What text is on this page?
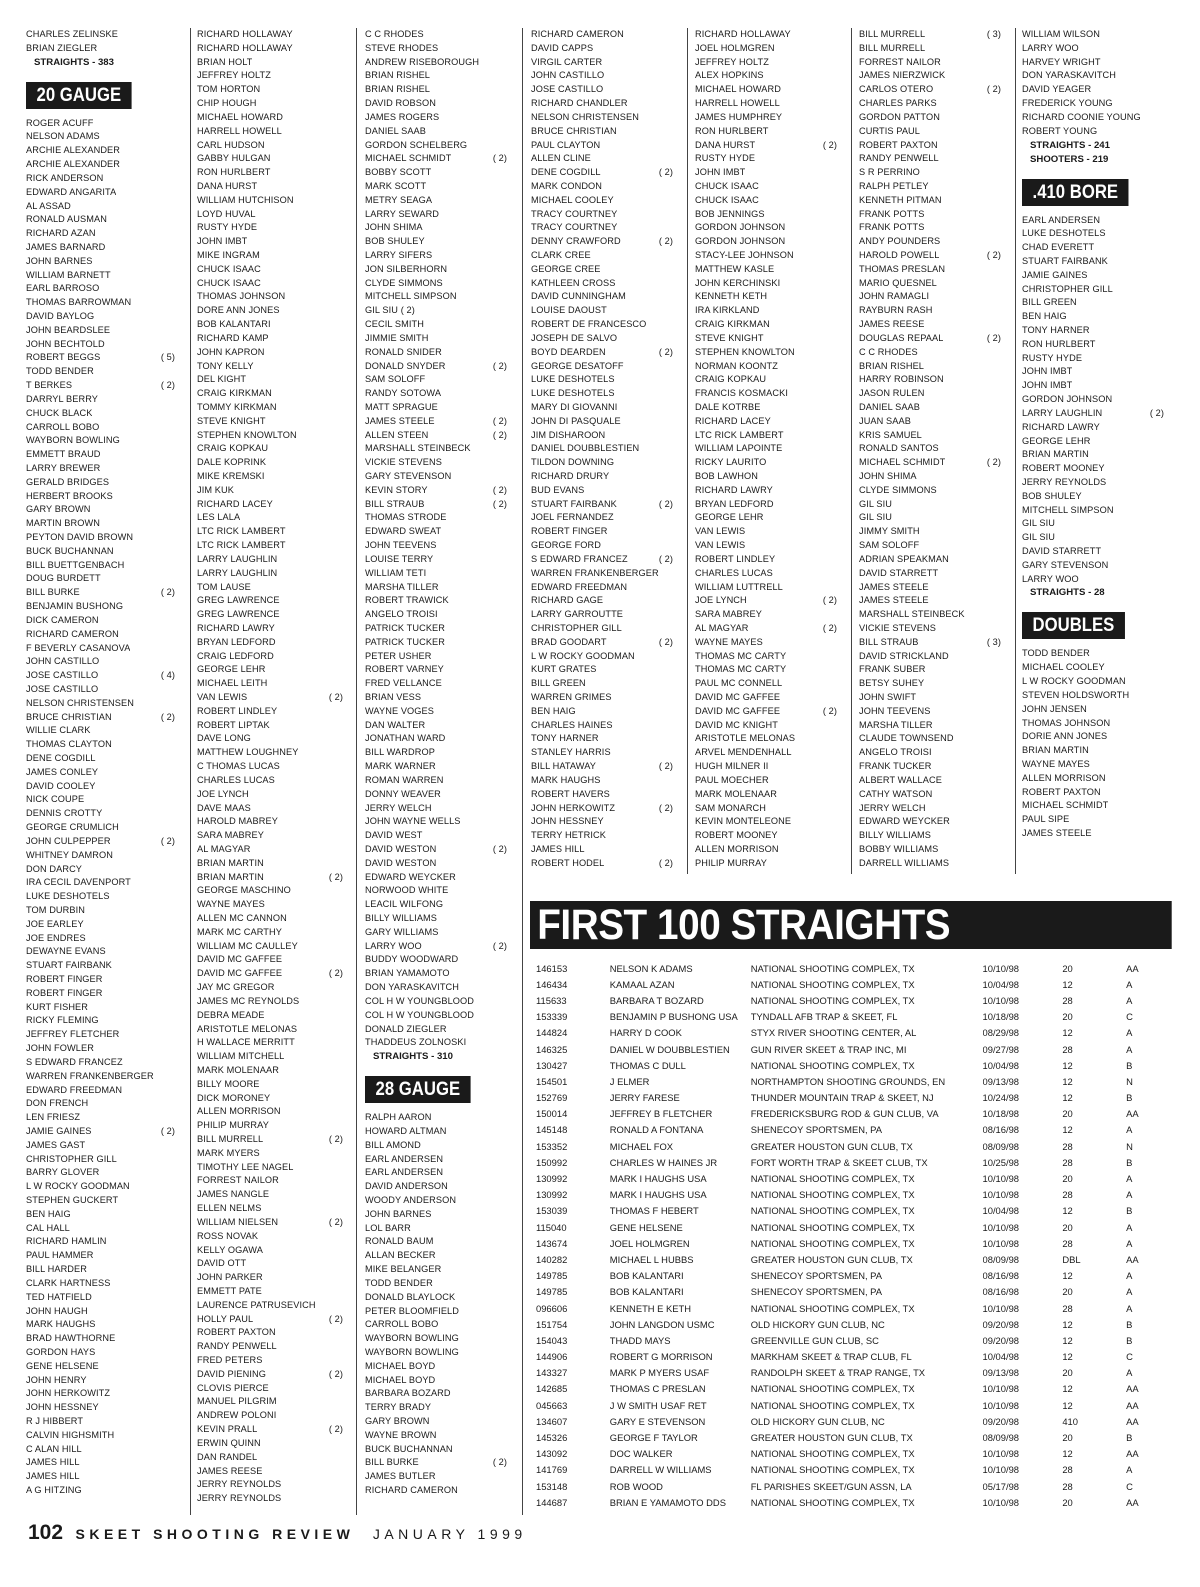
CHARLES ZELINSKE
BRIAN ZIEGLER
STRAIGHTS - 383
20 GAUGE
ROGER ACUFF
NELSON ADAMS
ARCHIE ALEXANDER
ARCHIE ALEXANDER
RICK ANDERSON
EDWARD ANGARITA
AL ASSAD
RONALD AUSMAN
RICHARD AZAN
JAMES BARNARD
JOHN BARNES
WILLIAM BARNETT
EARL BARROSO
THOMAS BARROWMAN
DAVID BAYLOG
JOHN BEARDSLEE
JOHN BECHTOLD
ROBERT BEGGS	( 5)
TODD BENDER
T BERKES	( 2)
DARRYL BERRY
CHUCK BLACK
CARROLL BOBO
WAYBORN BOWLING
EMMETT BRAUD
LARRY BREWER
GERALD BRIDGES
HERBERT BROOKS
GARY BROWN
MARTIN BROWN
PEYTON DAVID BROWN
BUCK BUCHANNAN
BILL BUETTGENBACH
DOUG BURDETT
BILL BURKE	( 2)
BENJAMIN BUSHONG
DICK CAMERON
RICHARD CAMERON
F BEVERLY CASANOVA
JOHN CASTILLO
JOSE CASTILLO	( 4)
JOSE CASTILLO
NELSON CHRISTENSEN
BRUCE CHRISTIAN	( 2)
WILLIE CLARK
THOMAS CLAYTON
DENE COGDILL
JAMES CONLEY
DAVID COOLEY
NICK COUPE
DENNIS CROTTY
GEORGE CRUMLICH
JOHN CULPEPPER	( 2)
WHITNEY DAMRON
DON DARCY
IRA CECIL DAVENPORT
LUKE DESHOTELS
TOM DURBIN
JOE EARLEY
JOE ENDRES
DEWAYNE EVANS
STUART FAIRBANK
ROBERT FINGER
ROBERT FINGER
KURT FISHER
RICKY FLEMING
JEFFREY FLETCHER
JOHN FOWLER
S EDWARD FRANCEZ
WARREN FRANKENBERGER
EDWARD FREEDMAN
DON FRENCH
LEN FRIESZ
JAMIE GAINES	( 2)
JAMES GAST
CHRISTOPHER GILL
BARRY GLOVER
L W ROCKY GOODMAN
STEPHEN GUCKERT
BEN HAIG
CAL HALL
RICHARD HAMLIN
PAUL HAMMER
BILL HARDER
CLARK HARTNESS
TED HATFIELD
JOHN HAUGH
MARK HAUGHS
BRAD HAWTHORNE
GORDON HAYS
GENE HELSENE
JOHN HENRY
JOHN HERKOWITZ
JOHN HESSNEY
R J HIBBERT
CALVIN HIGHSMITH
C ALAN HILL
JAMES HILL
JAMES HILL
A G HITZING
RICHARD HOLLAWAY
RICHARD HOLLAWAY
BRIAN HOLT
JEFFREY HOLTZ
TOM HORTON
CHIP HOUGH
MICHAEL HOWARD
HARRELL HOWELL
CARL HUDSON
GABBY HULGAN
RON HURLBERT
DANA HURST
WILLIAM HUTCHISON
LOYD HUVAL
RUSTY HYDE
JOHN IMBT
MIKE INGRAM
CHUCK ISAAC
CHUCK ISAAC
THOMAS JOHNSON
DORE ANN JONES
BOB KALANTARI
RICHARD KAMP
JOHN KAPRON
TONY KELLY
DEL KIGHT
CRAIG KIRKMAN
TOMMY KIRKMAN
STEVE KNIGHT
STEPHEN KNOWLTON
CRAIG KOPKAU
DALE KOPRINK
MIKE KREMSKI
JIM KUK
RICHARD LACEY
LES LALA
LTC RICK LAMBERT
LTC RICK LAMBERT
LARRY LAUGHLIN
LARRY LAUGHLIN
TOM LAUSE
GREG LAWRENCE
GREG LAWRENCE
RICHARD LAWRY
BRYAN LEDFORD
CRAIG LEDFORD
GEORGE LEHR
MICHAEL LEITH
VAN LEWIS	( 2)
ROBERT LINDLEY
ROBERT LIPTAK
DAVE LONG
MATTHEW LOUGHNEY
C THOMAS LUCAS
CHARLES LUCAS
JOE LYNCH
DAVE MAAS
HAROLD MABREY
SARA MABREY
AL MAGYAR
BRIAN MARTIN
BRIAN MARTIN	( 2)
GEORGE MASCHINO
WAYNE MAYES
ALLEN MC CANNON
MARK MC CARTHY
WILLIAM MC CAULLEY
DAVID MC GAFFEE
DAVID MC GAFFEE	( 2)
JAY MC GREGOR
JAMES MC REYNOLDS
DEBRA MEADE
ARISTOTLE MELONAS
H WALLACE MERRITT
WILLIAM MITCHELL
MARK MOLENAAR
BILLY MOORE
DICK MORONEY
ALLEN MORRISON
PHILIP MURRAY
BILL MURRELL	( 2)
MARK MYERS
TIMOTHY LEE NAGEL
FORREST NAILOR
JAMES NANGLE
ELLEN NELMS
WILLIAM NIELSEN	( 2)
ROSS NOVAK
KELLY OGAWA
DAVID OTT
JOHN PARKER
EMMETT PATE
LAURENCE PATRUSEVICH
HOLLY PAUL	( 2)
ROBERT PAXTON
RANDY PENWELL
FRED PETERS
DAVID PIENING	( 2)
CLOVIS PIERCE
MANUEL PILGRIM
ANDREW POLONI
KEVIN PRALL	( 2)
ERWIN QUINN
DAN RANDEL
JAMES REESE
JERRY REYNOLDS
JERRY REYNOLDS
C C RHODES
STEVE RHODES
ANDREW RISEBOROUGH
BRIAN RISHEL
BRIAN RISHEL
DAVID ROBSON
JAMES ROGERS
DANIEL SAAB
GORDON SCHELBERG
MICHAEL SCHMIDT	( 2)
BOBBY SCOTT
MARK SCOTT
METRY SEAGA
LARRY SEWARD
JOHN SHIMA
BOB SHULEY
LARRY SIFERS
JON SILBERHORN
CLYDE SIMMONS
MITCHELL SIMPSON
GIL SIU ( 2)
CECIL SMITH
JIMMIE SMITH
RONALD SNIDER
DONALD SNYDER	( 2)
SAM SOLOFF
RANDY SOTOWA
MATT SPRAGUE
JAMES STEELE	( 2)
ALLEN STEEN	( 2)
MARSHALL STEINBECK
VICKIE STEVENS
GARY STEVENSON
KEVIN STORY	( 2)
BILL STRAUB	( 2)
THOMAS STRODE
EDWARD SWEAT
JOHN TEEVENS
LOUISE TERRY
WILLIAM TETI
MARSHA TILLER
ROBERT TRAWICK
ANGELO TROISI
PATRICK TUCKER
PATRICK TUCKER
PETER USHER
ROBERT VARNEY
FRED VELLANCE
BRIAN VESS
WAYNE VOGES
DAN WALTER
JONATHAN WARD
BILL WARDROP
MARK WARNER
ROMAN WARREN
DONNY WEAVER
JERRY WELCH
JOHN WAYNE WELLS
DAVID WEST
DAVID WESTON	( 2)
DAVID WESTON
EDWARD WEYCKER
NORWOOD WHITE
LEACIL WILFONG
BILLY WILLIAMS
GARY WILLIAMS
LARRY WOO	( 2)
BUDDY WOODWARD
BRIAN YAMAMOTO
DON YARASKAVITCH
COL H W YOUNGBLOOD
COL H W YOUNGBLOOD
DONALD ZIEGLER
THADDEUS ZOLNOSKI
STRAIGHTS - 310
28 GAUGE
RALPH AARON
HOWARD ALTMAN
BILL AMOND
EARL ANDERSEN
EARL ANDERSEN
DAVID ANDERSON
WOODY ANDERSON
JOHN BARNES
LOL BARR
RONALD BAUM
ALLAN BECKER
MIKE BELANGER
TODD BENDER
DONALD BLAYLOCK
PETER BLOOMFIELD
CARROLL BOBO
WAYBORN BOWLING
WAYBORN BOWLING
MICHAEL BOYD
MICHAEL BOYD
BARBARA BOZARD
TERRY BRADY
GARY BROWN
WAYNE BROWN
BUCK BUCHANNAN
BILL BURKE	( 2)
JAMES BUTLER
RICHARD CAMERON
RICHARD CAMERON
DAVID CAPPS
VIRGIL CARTER
JOHN CASTILLO
JOSE CASTILLO
RICHARD CHANDLER
NELSON CHRISTENSEN
BRUCE CHRISTIAN
PAUL CLAYTON
ALLEN CLINE
DENE COGDILL	( 2)
MARK CONDON
MICHAEL COOLEY
TRACY COURTNEY
TRACY COURTNEY
DENNY CRAWFORD	( 2)
CLARK CREE
GEORGE CREE
KATHLEEN CROSS
DAVID CUNNINGHAM
LOUISE DAOUST
ROBERT DE FRANCESCO
JOSEPH DE SALVO
BOYD DEARDEN	( 2)
GEORGE DESATOFF
LUKE DESHOTELS
LUKE DESHOTELS
MARY DI GIOVANNI
JOHN DI PASQUALE
JIM DISHAROON
DANIEL DOUBBLESTIEN
TILDON DOWNING
RICHARD DRURY
BUD EVANS
STUART FAIRBANK	( 2)
JOEL FERNANDEZ
ROBERT FINGER
GEORGE FORD
S EDWARD FRANCEZ	( 2)
WARREN FRANKENBERGER
EDWARD FREEDMAN
RICHARD GAGE
LARRY GARROUTTE
CHRISTOPHER GILL
BRAD GOODART	( 2)
L W ROCKY GOODMAN
KURT GRATES
BILL GREEN
WARREN GRIMES
BEN HAIG
CHARLES HAINES
TONY HARNER
STANLEY HARRIS
BILL HATAWAY	( 2)
MARK HAUGHS
ROBERT HAVERS
JOHN HERKOWITZ	( 2)
JOHN HESSNEY
TERRY HETRICK
JAMES HILL
ROBERT HODEL	( 2)
RICHARD HOLLAWAY
JOEL HOLMGREN
JEFFREY HOLTZ
ALEX HOPKINS
MICHAEL HOWARD
HARRELL HOWELL
JAMES HUMPHREY
RON HURLBERT
DANA HURST	( 2)
RUSTY HYDE
JOHN IMBT
CHUCK ISAAC
CHUCK ISAAC
BOB JENNINGS
GORDON JOHNSON
GORDON JOHNSON
STACY-LEE JOHNSON
MATTHEW KASLE
JOHN KERCHINSKI
KENNETH KETH
IRA KIRKLAND
CRAIG KIRKMAN
STEVE KNIGHT
STEPHEN KNOWLTON
NORMAN KOONTZ
CRAIG KOPKAU
FRANCIS KOSMACKI
DALE KOTRBE
RICHARD LACEY
LTC RICK LAMBERT
WILLIAM LAPOINTE
RICKY LAURITO
BOB LAWHON
RICHARD LAWRY
BRYAN LEDFORD
GEORGE LEHR
VAN LEWIS
VAN LEWIS
ROBERT LINDLEY
CHARLES LUCAS
WILLIAM LUTTRELL
JOE LYNCH	( 2)
SARA MABREY
AL MAGYAR	( 2)
WAYNE MAYES
THOMAS MC CARTY
THOMAS MC CARTY
PAUL MC CONNELL
DAVID MC GAFFEE
DAVID MC GAFFEE	( 2)
DAVID MC KNIGHT
ARISTOTLE MELONAS
ARVEL MENDENHALL
HUGH MILNER II
PAUL MOECHER
MARK MOLENAAR
SAM MONARCH
KEVIN MONTELEONE
ROBERT MOONEY
ALLEN MORRISON
PHILIP MURRAY
BILL MURRELL	( 3)
BILL MURRELL
FORREST NAILOR
JAMES NIERZWICK
CARLOS OTERO	( 2)
CHARLES PARKS
GORDON PATTON
CURTIS PAUL
ROBERT PAXTON
RANDY PENWELL
S R PERRINO
RALPH PETLEY
KENNETH PITMAN
FRANK POTTS
FRANK POTTS
ANDY POUNDERS
HAROLD POWELL	( 2)
THOMAS PRESLAN
MARIO QUESNEL
JOHN RAMAGLI
RAYBURN RASH
JAMES REESE
DOUGLAS REPAAL	( 2)
C C RHODES
BRIAN RISHEL
HARRY ROBINSON
JASON RULEN
DANIEL SAAB
JUAN SAAB
KRIS SAMUEL
RONALD SANTOS
MICHAEL SCHMIDT	( 2)
JOHN SHIMA
CLYDE SIMMONS
GIL SIU
GIL SIU
JIMMY SMITH
SAM SOLOFF
ADRIAN SPEAKMAN
DAVID STARRETT
JAMES STEELE
JAMES STEELE
MARSHALL STEINBECK
VICKIE STEVENS
BILL STRAUB	( 3)
DAVID STRICKLAND
FRANK SUBER
BETSY SUHEY
JOHN SWIFT
JOHN TEEVENS
MARSHA TILLER
CLAUDE TOWNSEND
ANGELO TROISI
FRANK TUCKER
ALBERT WALLACE
CATHY WATSON
JERRY WELCH
EDWARD WEYCKER
BILLY WILLIAMS
BOBBY WILLIAMS
DARRELL WILLIAMS
WILLIAM WILSON
LARRY WOO
HARVEY WRIGHT
DON YARASKAVITCH
DAVID YEAGER
FREDERICK YOUNG
RICHARD COONIE YOUNG
ROBERT YOUNG
STRAIGHTS - 241
SHOOTERS - 219
.410 BORE
EARL ANDERSEN
LUKE DESHOTELS
CHAD EVERETT
STUART FAIRBANK
JAMIE GAINES
CHRISTOPHER GILL
BILL GREEN
BEN HAIG
TONY HARNER
RON HURLBERT
RUSTY HYDE
JOHN IMBT
JOHN IMBT
GORDON JOHNSON
LARRY LAUGHLIN	( 2)
RICHARD LAWRY
GEORGE LEHR
BRIAN MARTIN
ROBERT MOONEY
JERRY REYNOLDS
BOB SHULEY
MITCHELL SIMPSON
GIL SIU
GIL SIU
DAVID STARRETT
GARY STEVENSON
LARRY WOO
STRAIGHTS - 28
DOUBLES
TODD BENDER
MICHAEL COOLEY
L W ROCKY GOODMAN
STEVEN HOLDSWORTH
JOHN JENSEN
THOMAS JOHNSON
DORIE ANN JONES
BRIAN MARTIN
WAYNE MAYES
ALLEN MORRISON
ROBERT PAXTON
MICHAEL SCHMIDT
PAUL SIPE
JAMES STEELE
FIRST 100 STRAIGHTS
146153	NELSON K ADAMS	NATIONAL SHOOTING COMPLEX, TX	10/10/98	20	AA
146434	KAMAAL AZAN	NATIONAL SHOOTING COMPLEX, TX	10/04/98	12	A
115633	BARBARA T BOZARD	NATIONAL SHOOTING COMPLEX, TX	10/10/98	28	A
153339	BENJAMIN P BUSHONG USA	TYNDALL AFB TRAP & SKEET, FL	10/18/98	20	C
144824	HARRY D COOK	STYX RIVER SHOOTING CENTER, AL	08/29/98	12	A
146325	DANIEL W DOUBBLESTIEN	GUN RIVER SKEET & TRAP INC, MI	09/27/98	28	A
130427	THOMAS C DULL	NATIONAL SHOOTING COMPLEX, TX	10/04/98	12	B
154501	J ELMER	NORTHAMPTON SHOOTING GROUNDS, EN	09/13/98	12	N
152769	JERRY FARESE	THUNDER MOUNTAIN TRAP & SKEET, NJ	10/24/98	12	B
150014	JEFFREY B FLETCHER	FREDERICKSBURG ROD & GUN CLUB, VA	10/18/98	20	AA
145148	RONALD A FONTANA	SHENECOY SPORTSMEN, PA	08/16/98	12	A
153352	MICHAEL FOX	GREATER HOUSTON GUN CLUB, TX	08/09/98	28	N
150992	CHARLES W HAINES JR	FORT WORTH TRAP & SKEET CLUB, TX	10/25/98	28	B
130992	MARK I HAUGHS USA	NATIONAL SHOOTING COMPLEX, TX	10/10/98	20	A
130992	MARK I HAUGHS USA	NATIONAL SHOOTING COMPLEX, TX	10/10/98	28	A
153039	THOMAS F HEBERT	NATIONAL SHOOTING COMPLEX, TX	10/04/98	12	B
115040	GENE HELSENE	NATIONAL SHOOTING COMPLEX, TX	10/10/98	20	A
143674	JOEL HOLMGREN	NATIONAL SHOOTING COMPLEX, TX	10/10/98	28	A
140282	MICHAEL L HUBBS	GREATER HOUSTON GUN CLUB, TX	08/09/98	DBL	AA
149785	BOB KALANTARI	SHENECOY SPORTSMEN, PA	08/16/98	12	A
149785	BOB KALANTARI	SHENECOY SPORTSMEN, PA	08/16/98	20	A
096606	KENNETH E KETH	NATIONAL SHOOTING COMPLEX, TX	10/10/98	28	A
151754	JOHN LANGDON USMC	OLD HICKORY GUN CLUB, NC	09/20/98	12	B
154043	THADD MAYS	GREENVILLE GUN CLUB, SC	09/20/98	12	B
144906	ROBERT G MORRISON	MARKHAM SKEET & TRAP CLUB, FL	10/04/98	12	C
143327	MARK P MYERS USAF	RANDOLPH SKEET & TRAP RANGE, TX	09/13/98	20	A
142685	THOMAS C PRESLAN	NATIONAL SHOOTING COMPLEX, TX	10/10/98	12	AA
045663	J W SMITH USAF RET	NATIONAL SHOOTING COMPLEX, TX	10/10/98	12	AA
134607	GARY E STEVENSON	OLD HICKORY GUN CLUB, NC	09/20/98	410	AA
145326	GEORGE F TAYLOR	GREATER HOUSTON GUN CLUB, TX	08/09/98	20	B
143092	DOC WALKER	NATIONAL SHOOTING COMPLEX, TX	10/10/98	12	AA
141769	DARRELL W WILLIAMS	NATIONAL SHOOTING COMPLEX, TX	10/10/98	28	A
153148	ROB WOOD	FL PARISHES SKEET/GUN ASSN, LA	05/17/98	28	C
144687	BRIAN E YAMAMOTO DDS	NATIONAL SHOOTING COMPLEX, TX	10/10/98	20	AA
102 SKEET SHOOTING REVIEW JANUARY 1999
